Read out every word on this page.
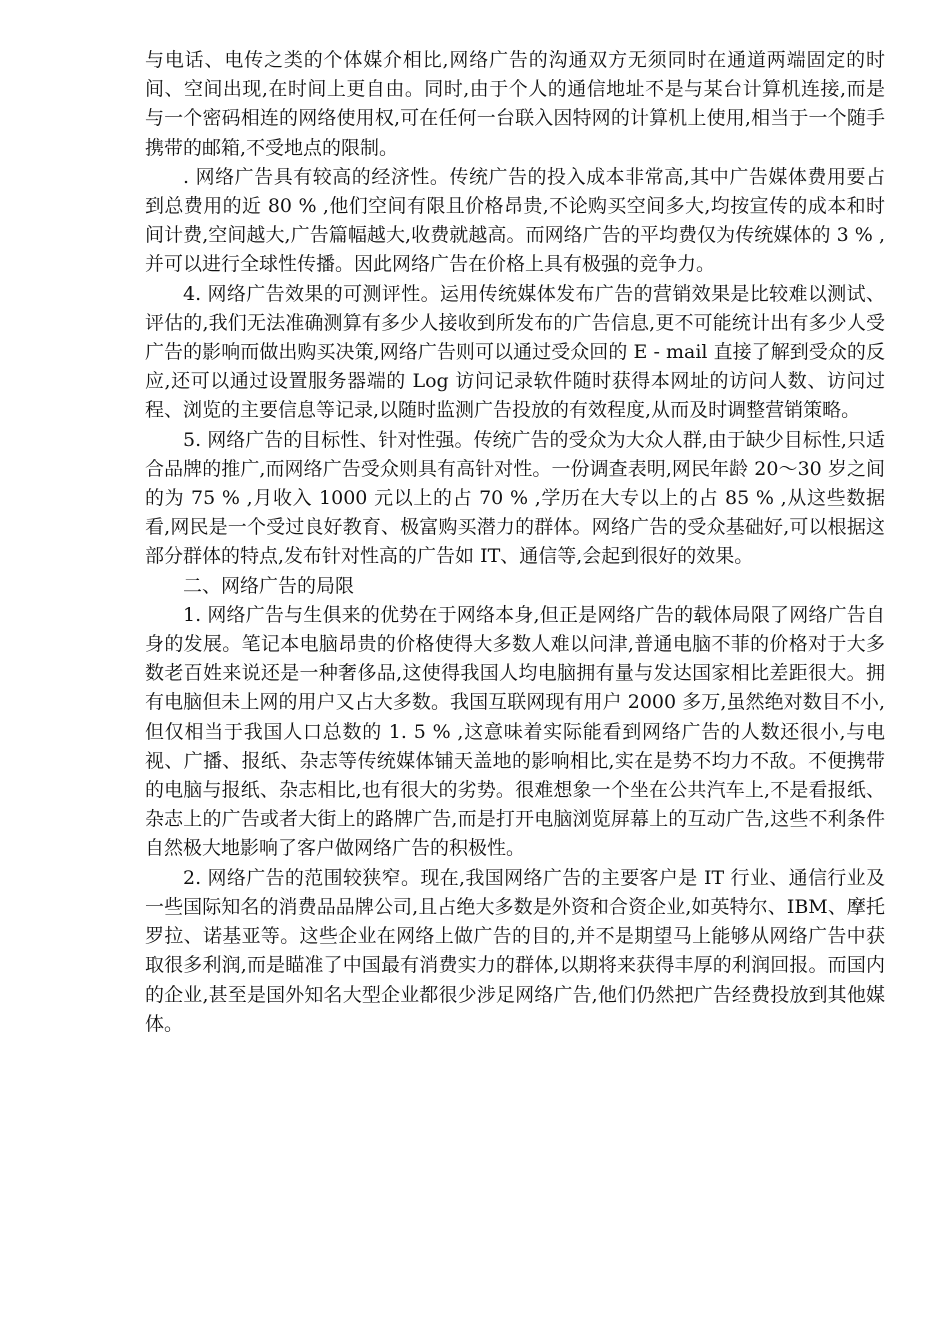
与电话、电传之类的个体媒介相比,网络广告的沟通双方无须同时在通道两端固定的时间、空间出现,在时间上更自由。同时,由于个人的通信地址不是与某台计算机连接,而是与一个密码相连的网络使用权,可在任何一台联入因特网的计算机上使用,相当于一个随手携带的邮箱,不受地点的限制。

. 网络广告具有较高的经济性。传统广告的投入成本非常高,其中广告媒体费用要占到总费用的近 80 % ,他们空间有限且价格昂贵,不论购买空间多大,均按宣传的成本和时间计费,空间越大,广告篇幅越大,收费就越高。而网络广告的平均费仅为传统媒体的 3 % ,并可以进行全球性传播。因此网络广告在价格上具有极强的竞争力。

4. 网络广告效果的可测评性。运用传统媒体发布广告的营销效果是比较难以测试、评估的,我们无法准确测算有多少人接收到所发布的广告信息,更不可能统计出有多少人受广告的影响而做出购买决策,网络广告则可以通过受众回的 E - mail 直接了解到受众的反应,还可以通过设置服务器端的 Log 访问记录软件随时获得本网址的访问人数、访问过程、浏览的主要信息等记录,以随时监测广告投放的有效程度,从而及时调整营销策略。

5. 网络广告的目标性、针对性强。传统广告的受众为大众人群,由于缺少目标性,只适合品牌的推广,而网络广告受众则具有高针对性。一份调查表明,网民年龄 20～30 岁之间的为 75 % ,月收入 1000 元以上的占 70 % ,学历在大专以上的占 85 % ,从这些数据看,网民是一个受过良好教育、极富购买潜力的群体。网络广告的受众基础好,可以根据这部分群体的特点,发布针对性高的广告如 IT、通信等,会起到很好的效果。

二、网络广告的局限

1. 网络广告与生俱来的优势在于网络本身,但正是网络广告的载体局限了网络广告自身的发展。笔记本电脑昂贵的价格使得大多数人难以问津,普通电脑不菲的价格对于大多数老百姓来说还是一种奢侈品,这使得我国人均电脑拥有量与发达国家相比差距很大。拥有电脑但未上网的用户又占大多数。我国互联网现有用户 2000 多万,虽然绝对数目不小,但仅相当于我国人口总数的 1. 5 % ,这意味着实际能看到网络广告的人数还很小,与电视、广播、报纸、杂志等传统媒体铺天盖地的影响相比,实在是势不均力不敌。不便携带的电脑与报纸、杂志相比,也有很大的劣势。很难想象一个坐在公共汽车上,不是看报纸、杂志上的广告或者大街上的路牌广告,而是打开电脑浏览屏幕上的互动广告,这些不利条件自然极大地影响了客户做网络广告的积极性。

2. 网络广告的范围较狭窄。现在,我国网络广告的主要客户是 IT 行业、通信行业及一些国际知名的消费品品牌公司,且占绝大多数是外资和合资企业,如英特尔、IBM、摩托罗拉、诺基亚等。这些企业在网络上做广告的目的,并不是期望马上能够从网络广告中获取很多利润,而是瞄准了中国最有消费实力的群体,以期将来获得丰厚的利润回报。而国内的企业,甚至是国外知名大型企业都很少涉足网络广告,他们仍然把广告经费投放到其他媒体。
